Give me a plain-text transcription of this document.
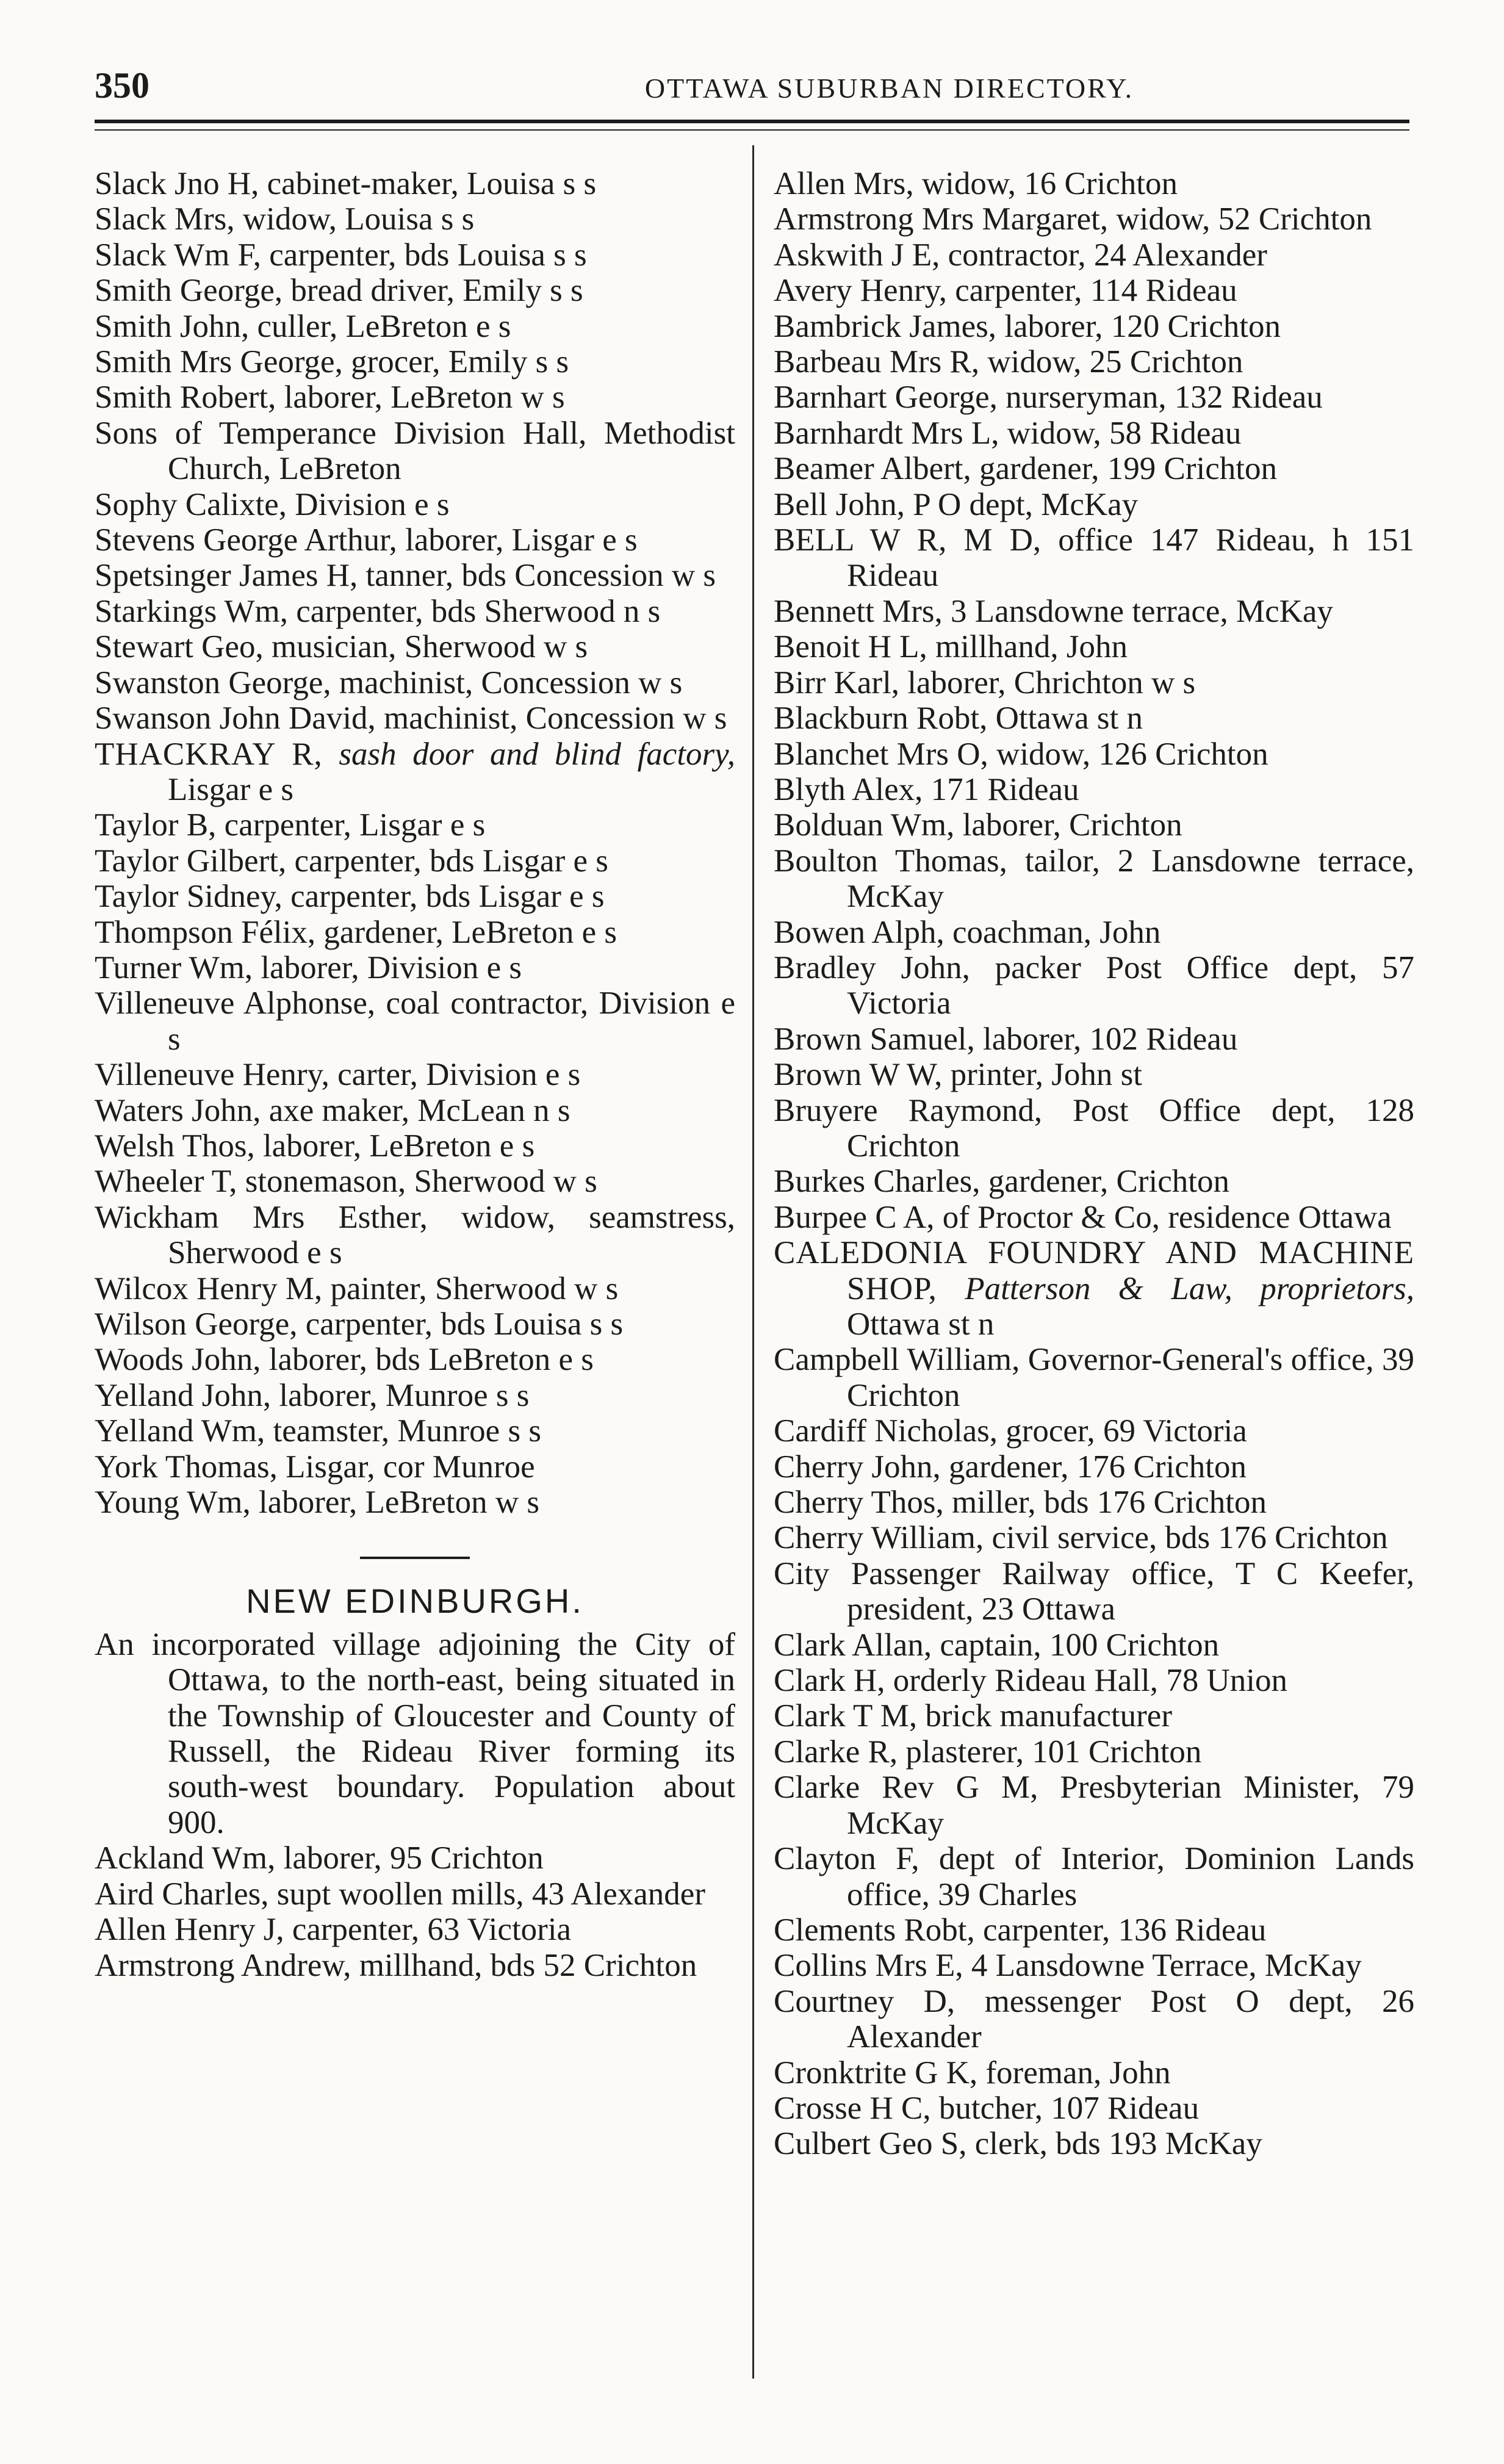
350	OTTAWA SUBURBAN DIRECTORY.

Slack Jno H, cabinet-maker, Louisa s s

Slack Mrs, widow, Louisa s s

Slack Wm F, carpenter, bds Louisa s s

Smith George, bread driver, Emily s s

Smith John, culler, LeBreton e s

Smith Mrs George, grocer, Emily s s

Smith Robert, laborer, LeBreton w s

Sons of Temperance Division Hall, Methodist Church, LeBreton

Sophy Calixte, Division e s

Stevens George Arthur, laborer, Lisgar e s

Spetsinger James H, tanner, bds Concession w s

Starkings Wm, carpenter, bds Sherwood n s

Stewart Geo, musician, Sherwood w s

Swanston George, machinist, Concession w s

Swanson John David, machinist, Concession w s

THACKRAY R, sash door and blind factory, Lisgar e s

Taylor B, carpenter, Lisgar e s

Taylor Gilbert, carpenter, bds Lisgar e s

Taylor Sidney, carpenter, bds Lisgar e s

Thompson Félix, gardener, LeBreton e s

Turner Wm, laborer, Division e s

Villeneuve Alphonse, coal contractor, Division e s

Villeneuve Henry, carter, Division e s

Waters John, axe maker, McLean n s

Welsh Thos, laborer, LeBreton e s

Wheeler T, stonemason, Sherwood w s

Wickham Mrs Esther, widow, seamstress, Sherwood e s

Wilcox Henry M, painter, Sherwood w s

Wilson George, carpenter, bds Louisa s s

Woods John, laborer, bds LeBreton e s

Yelland John, laborer, Munroe s s

Yelland Wm, teamster, Munroe s s

York Thomas, Lisgar, cor Munroe

Young Wm, laborer, LeBreton w s

NEW EDINBURGH.

An incorporated village adjoining the City of Ottawa, to the north-east, being situated in the Township of Gloucester and County of Russell, the Rideau River forming its south-west boundary. Population about 900.

Ackland Wm, laborer, 95 Crichton

Aird Charles, supt woollen mills, 43 Alexander

Allen Henry J, carpenter, 63 Victoria

Armstrong Andrew, millhand, bds 52 Crichton

Allen Mrs, widow, 16 Crichton

Armstrong Mrs Margaret, widow, 52 Crichton

Askwith J E, contractor, 24 Alexander

Avery Henry, carpenter, 114 Rideau

Bambrick James, laborer, 120 Crichton

Barbeau Mrs R, widow, 25 Crichton

Barnhart George, nurseryman, 132 Rideau

Barnhardt Mrs L, widow, 58 Rideau

Beamer Albert, gardener, 199 Crichton

Bell John, P O dept, McKay

BELL W R, M D, office 147 Rideau, h 151 Rideau

Bennett Mrs, 3 Lansdowne terrace, McKay

Benoit H L, millhand, John

Birr Karl, laborer, Chrichton w s

Blackburn Robt, Ottawa st n

Blanchet Mrs O, widow, 126 Crichton

Blyth Alex, 171 Rideau

Bolduan Wm, laborer, Crichton

Boulton Thomas, tailor, 2 Lansdowne terrace, McKay

Bowen Alph, coachman, John

Bradley John, packer Post Office dept, 57 Victoria

Brown Samuel, laborer, 102 Rideau

Brown W W, printer, John st

Bruyere Raymond, Post Office dept, 128 Crichton

Burkes Charles, gardener, Crichton

Burpee C A, of Proctor & Co, residence Ottawa

CALEDONIA FOUNDRY AND MACHINE SHOP, Patterson & Law, proprietors, Ottawa st n

Campbell William, Governor-General's office, 39 Crichton

Cardiff Nicholas, grocer, 69 Victoria

Cherry John, gardener, 176 Crichton

Cherry Thos, miller, bds 176 Crichton

Cherry William, civil service, bds 176 Crichton

City Passenger Railway office, T C Keefer, president, 23 Ottawa

Clark Allan, captain, 100 Crichton

Clark H, orderly Rideau Hall, 78 Union

Clark T M, brick manufacturer

Clarke R, plasterer, 101 Crichton

Clarke Rev G M, Presbyterian Minister, 79 McKay

Clayton F, dept of Interior, Dominion Lands office, 39 Charles

Clements Robt, carpenter, 136 Rideau

Collins Mrs E, 4 Lansdowne Terrace, McKay

Courtney D, messenger Post O dept, 26 Alexander

Cronktrite G K, foreman, John

Crosse H C, butcher, 107 Rideau

Culbert Geo S, clerk, bds 193 McKay
